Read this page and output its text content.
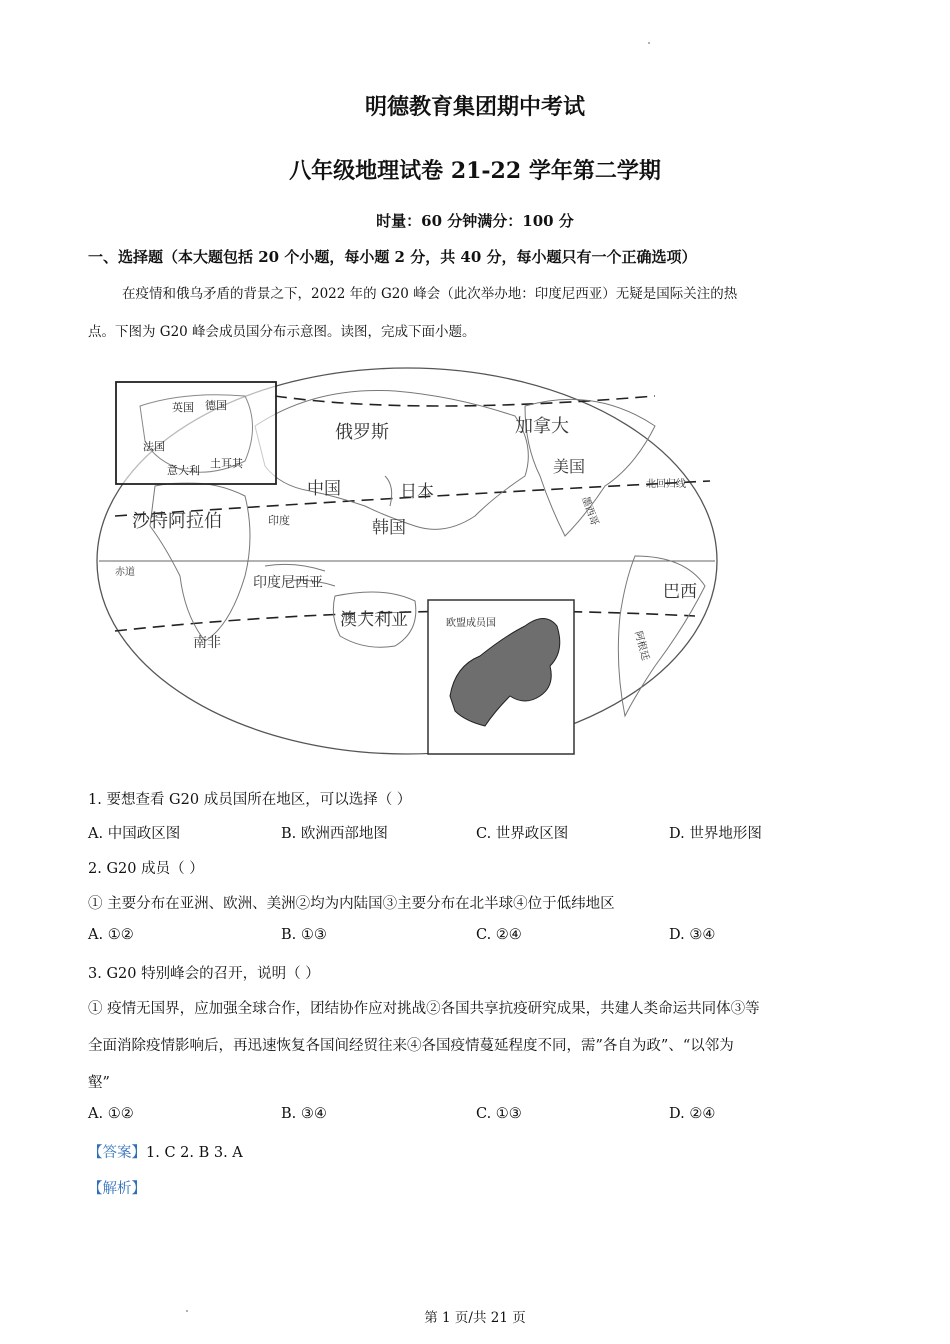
明德教育集团期中考试
八年级地理试卷 21-22 学年第二学期
时量：60 分钟满分：100 分
一、选择题（本大题包括 20 个小题，每小题 2 分，共 40 分，每小题只有一个正确选项）
在疫情和俄乌矛盾的背景之下，2022 年的 G20 峰会（此次举办地：印度尼西亚）无疑是国际关注的热
点。下图为 G20 峰会成员国分布示意图。读图，完成下面小题。
英国 德国
法国
意大利
土耳其
俄罗斯	加拿大
美国
中国	日本
韩国
沙特阿拉伯	印度
北回归线
墨西哥
赤道
印度尼西亚	巴西
澳大利亚
南非	阿根廷
欧盟成员国
1. 要想查看 G20 成员国所在地区，可以选择（ ）
A. 中国政区图	B. 欧洲西部地图	C. 世界政区图	D. 世界地形图
2. G20 成员（ ）
① 主要分布在亚洲、欧洲、美洲②均为内陆国③主要分布在北半球④位于低纬地区
A. ①②	B. ①③	C. ②④	D. ③④
3. G20 特别峰会的召开，说明（ ）
① 疫情无国界，应加强全球合作，团结协作应对挑战②各国共享抗疫研究成果，共建人类命运共同体③等
全面消除疫情影响后，再迅速恢复各国间经贸往来④各国疫情蔓延程度不同，需”各自为政”、“以邻为
壑”
A. ①②	B. ③④	C. ①③	D. ②④
【答案】1. C 2. B 3. A
【解析】
第 1 页/共 21 页
